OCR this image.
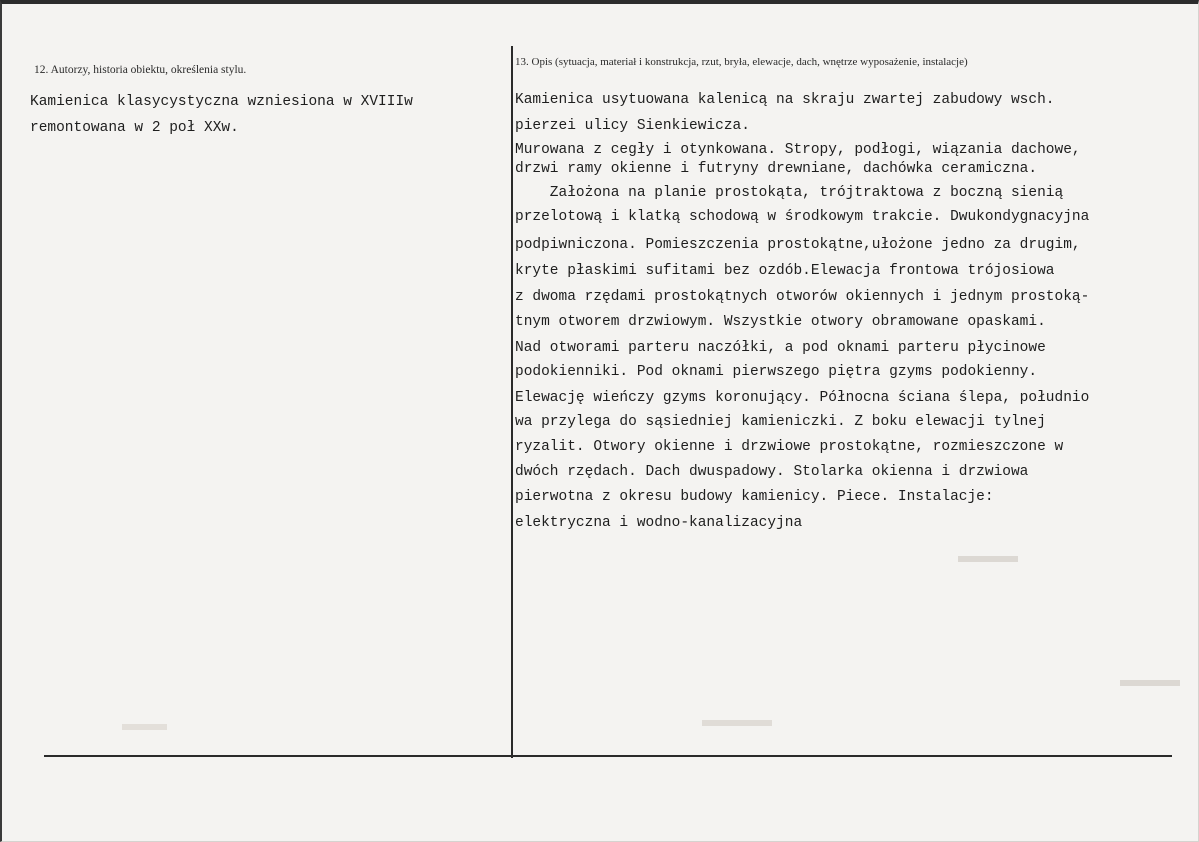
12. Autorzy, historia obiektu, określenia stylu.
13. Opis (sytuacja, materiał i konstrukcja, rzut, bryła, elewacje, dach, wnętrze wyposażenie, instalacje)
Kamienica klasycystyczna wzniesiona w XVIIIw
remontowana w 2 poł XXw.
Kamienica usytuowana kalenicą na skraju zwartej zabudowy wsch.
pierzei ulicy Sienkiewicza.
Murowana z cegły i otynkowana. Stropy, podłogi, wiązania dachowe,
drzwi ramy okienne i futryny drewniane, dachówka ceramiczna.
Założona na planie prostokąta, trójtraktowa z boczną sienią
przelotową i klatką schodową w środkowym trakcie. Dwukondygnacyjna
podpiwniczona. Pomieszczenia prostokątne,ułożone jedno za drugim,
kryte płaskimi sufitami bez ozdób.Elewacja frontowa trójosiowa
z dwoma rzędami prostokątnych otworów okiennych i jednym prostoką-
tnym otworem drzwiowym. Wszystkie otwory obramowane opaskami.
Nad otworami parteru naczółki, a pod oknami parteru płycinowe
podokienniki. Pod oknami pierwszego piętra gzyms podokienny.
Elewację wieńczy gzyms koronujący. Północna ściana ślepa, południo
wa przylega do sąsiedniej kamieniczki. Z boku elewacji tylnej
ryzalit. Otwory okienne i drzwiowe prostokątne, rozmieszczone w
dwóch rzędach. Dach dwuspadowy. Stolarka okienna i drzwiowa
pierwotna z okresu budowy kamienicy. Piece. Instalacje:
elektryczna i wodno-kanalizacyjna
